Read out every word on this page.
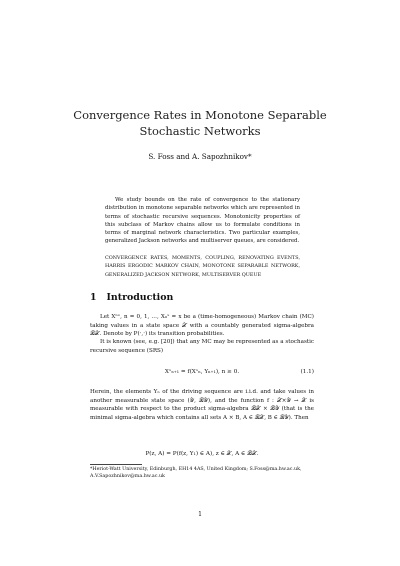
Convergence Rates in Monotone Separable Stochastic Networks
S. Foss and A. Sapozhnikov*

We study bounds on the rate of convergence to the stationary distribution in monotone separable networks which are represented in terms of stochastic recursive sequences. Monotonicity properties of this subclass of Markov chains allow us to formulate conditions in terms of marginal network characteristics. Two particular examples, generalized Jackson networks and multiserver queues, are considered.

CONVERGENCE RATES, MOMENTS, COUPLING, RENOVATING EVENTS, HARRIS ERGODIC MARKOV CHAIN, MONOTONE SEPARABLE NETWORK, GENERALIZED JACKSON NETWORK, MULTISERVER QUEUE

1 Introduction

Let Xⁿˣ, n = 0, 1, …, X₀ˣ = x be a (time-homogeneous) Markov chain (MC) taking values in a state space 𝒳 with a countably generated sigma-algebra ℬ𝒳. Denote by P(·,·) its transition probabilities.

It is known (see, e.g. [20]) that any MC may be represented as a stochastic recursive sequence (SRS)

Xˣₙ₊₁ = f(Xˣₙ, Yₙ₊₁), n ≥ 0.	(1.1)

Herein, the elements Yₙ of the driving sequence are i.i.d. and take values in another measurable state space (𝒴, ℬ𝒴), and the function f : 𝒳×𝒴 → 𝒳 is measurable with respect to the product sigma-algebra ℬ𝒳 × ℬ𝒴 (that is the minimal sigma-algebra which contains all sets A × B, A ∈ ℬ𝒳, B ∈ ℬ𝒴). Then

P(z, A) = P(f(z, Y₁) ∈ A), z ∈ 𝒳, A ∈ ℬ𝒳.

*Heriot-Watt University, Edinburgh, EH14 4AS, United Kingdom; S.Foss@ma.hw.ac.uk, A.V.Sapozhnikov@ma.hw.ac.uk

1
